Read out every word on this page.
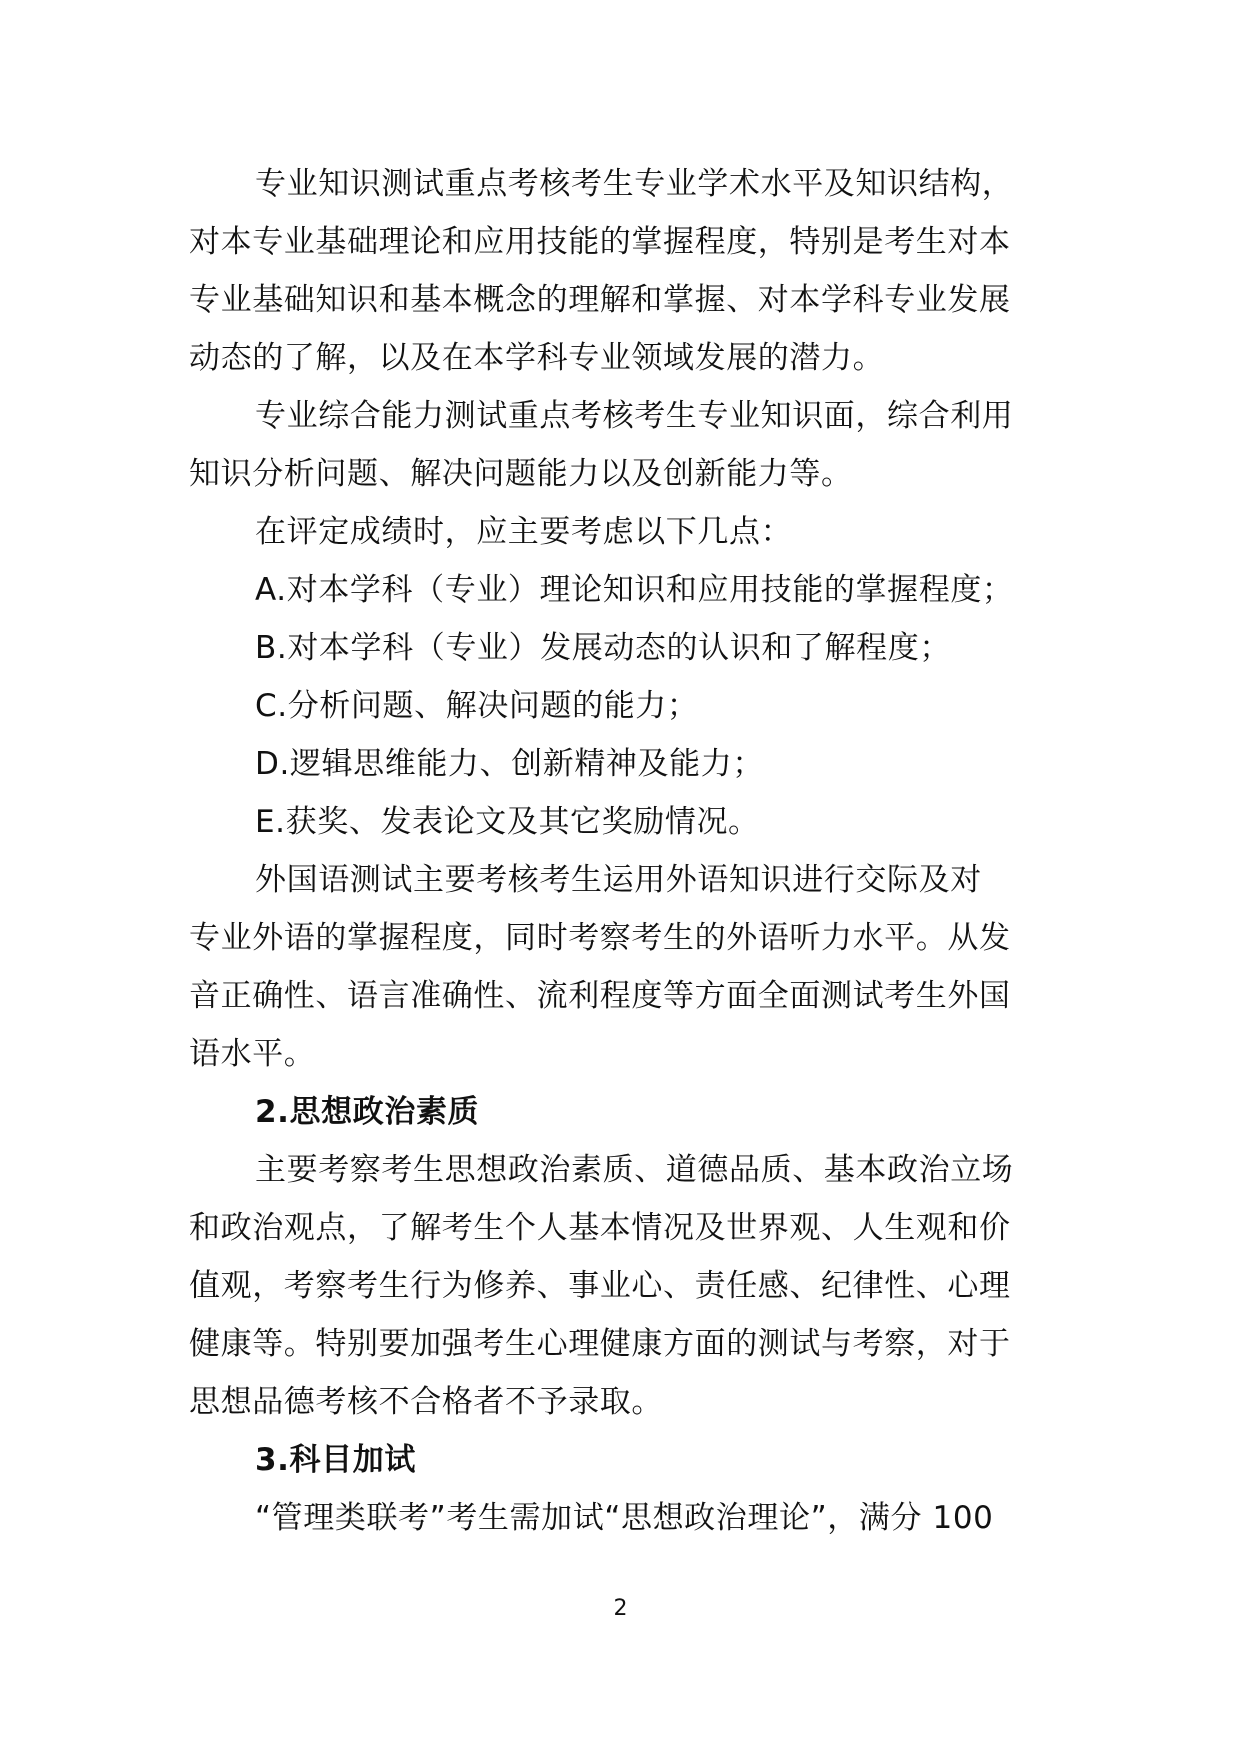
专业知识测试重点考核考生专业学术水平及知识结构，
对本专业基础理论和应用技能的掌握程度，特别是考生对本
专业基础知识和基本概念的理解和掌握、对本学科专业发展
动态的了解，以及在本学科专业领域发展的潜力。
专业综合能力测试重点考核考生专业知识面，综合利用
知识分析问题、解决问题能力以及创新能力等。
在评定成绩时，应主要考虑以下几点：
A.对本学科（专业）理论知识和应用技能的掌握程度；
B.对本学科（专业）发展动态的认识和了解程度；
C.分析问题、解决问题的能力；
D.逻辑思维能力、创新精神及能力；
E.获奖、发表论文及其它奖励情况。
外国语测试主要考核考生运用外语知识进行交际及对
专业外语的掌握程度，同时考察考生的外语听力水平。从发
音正确性、语言准确性、流利程度等方面全面测试考生外国
语水平。
2.思想政治素质
主要考察考生思想政治素质、道德品质、基本政治立场
和政治观点，了解考生个人基本情况及世界观、人生观和价
值观，考察考生行为修养、事业心、责任感、纪律性、心理
健康等。特别要加强考生心理健康方面的测试与考察，对于
思想品德考核不合格者不予录取。
3.科目加试
“管理类联考”考生需加试“思想政治理论”，满分 100
2
